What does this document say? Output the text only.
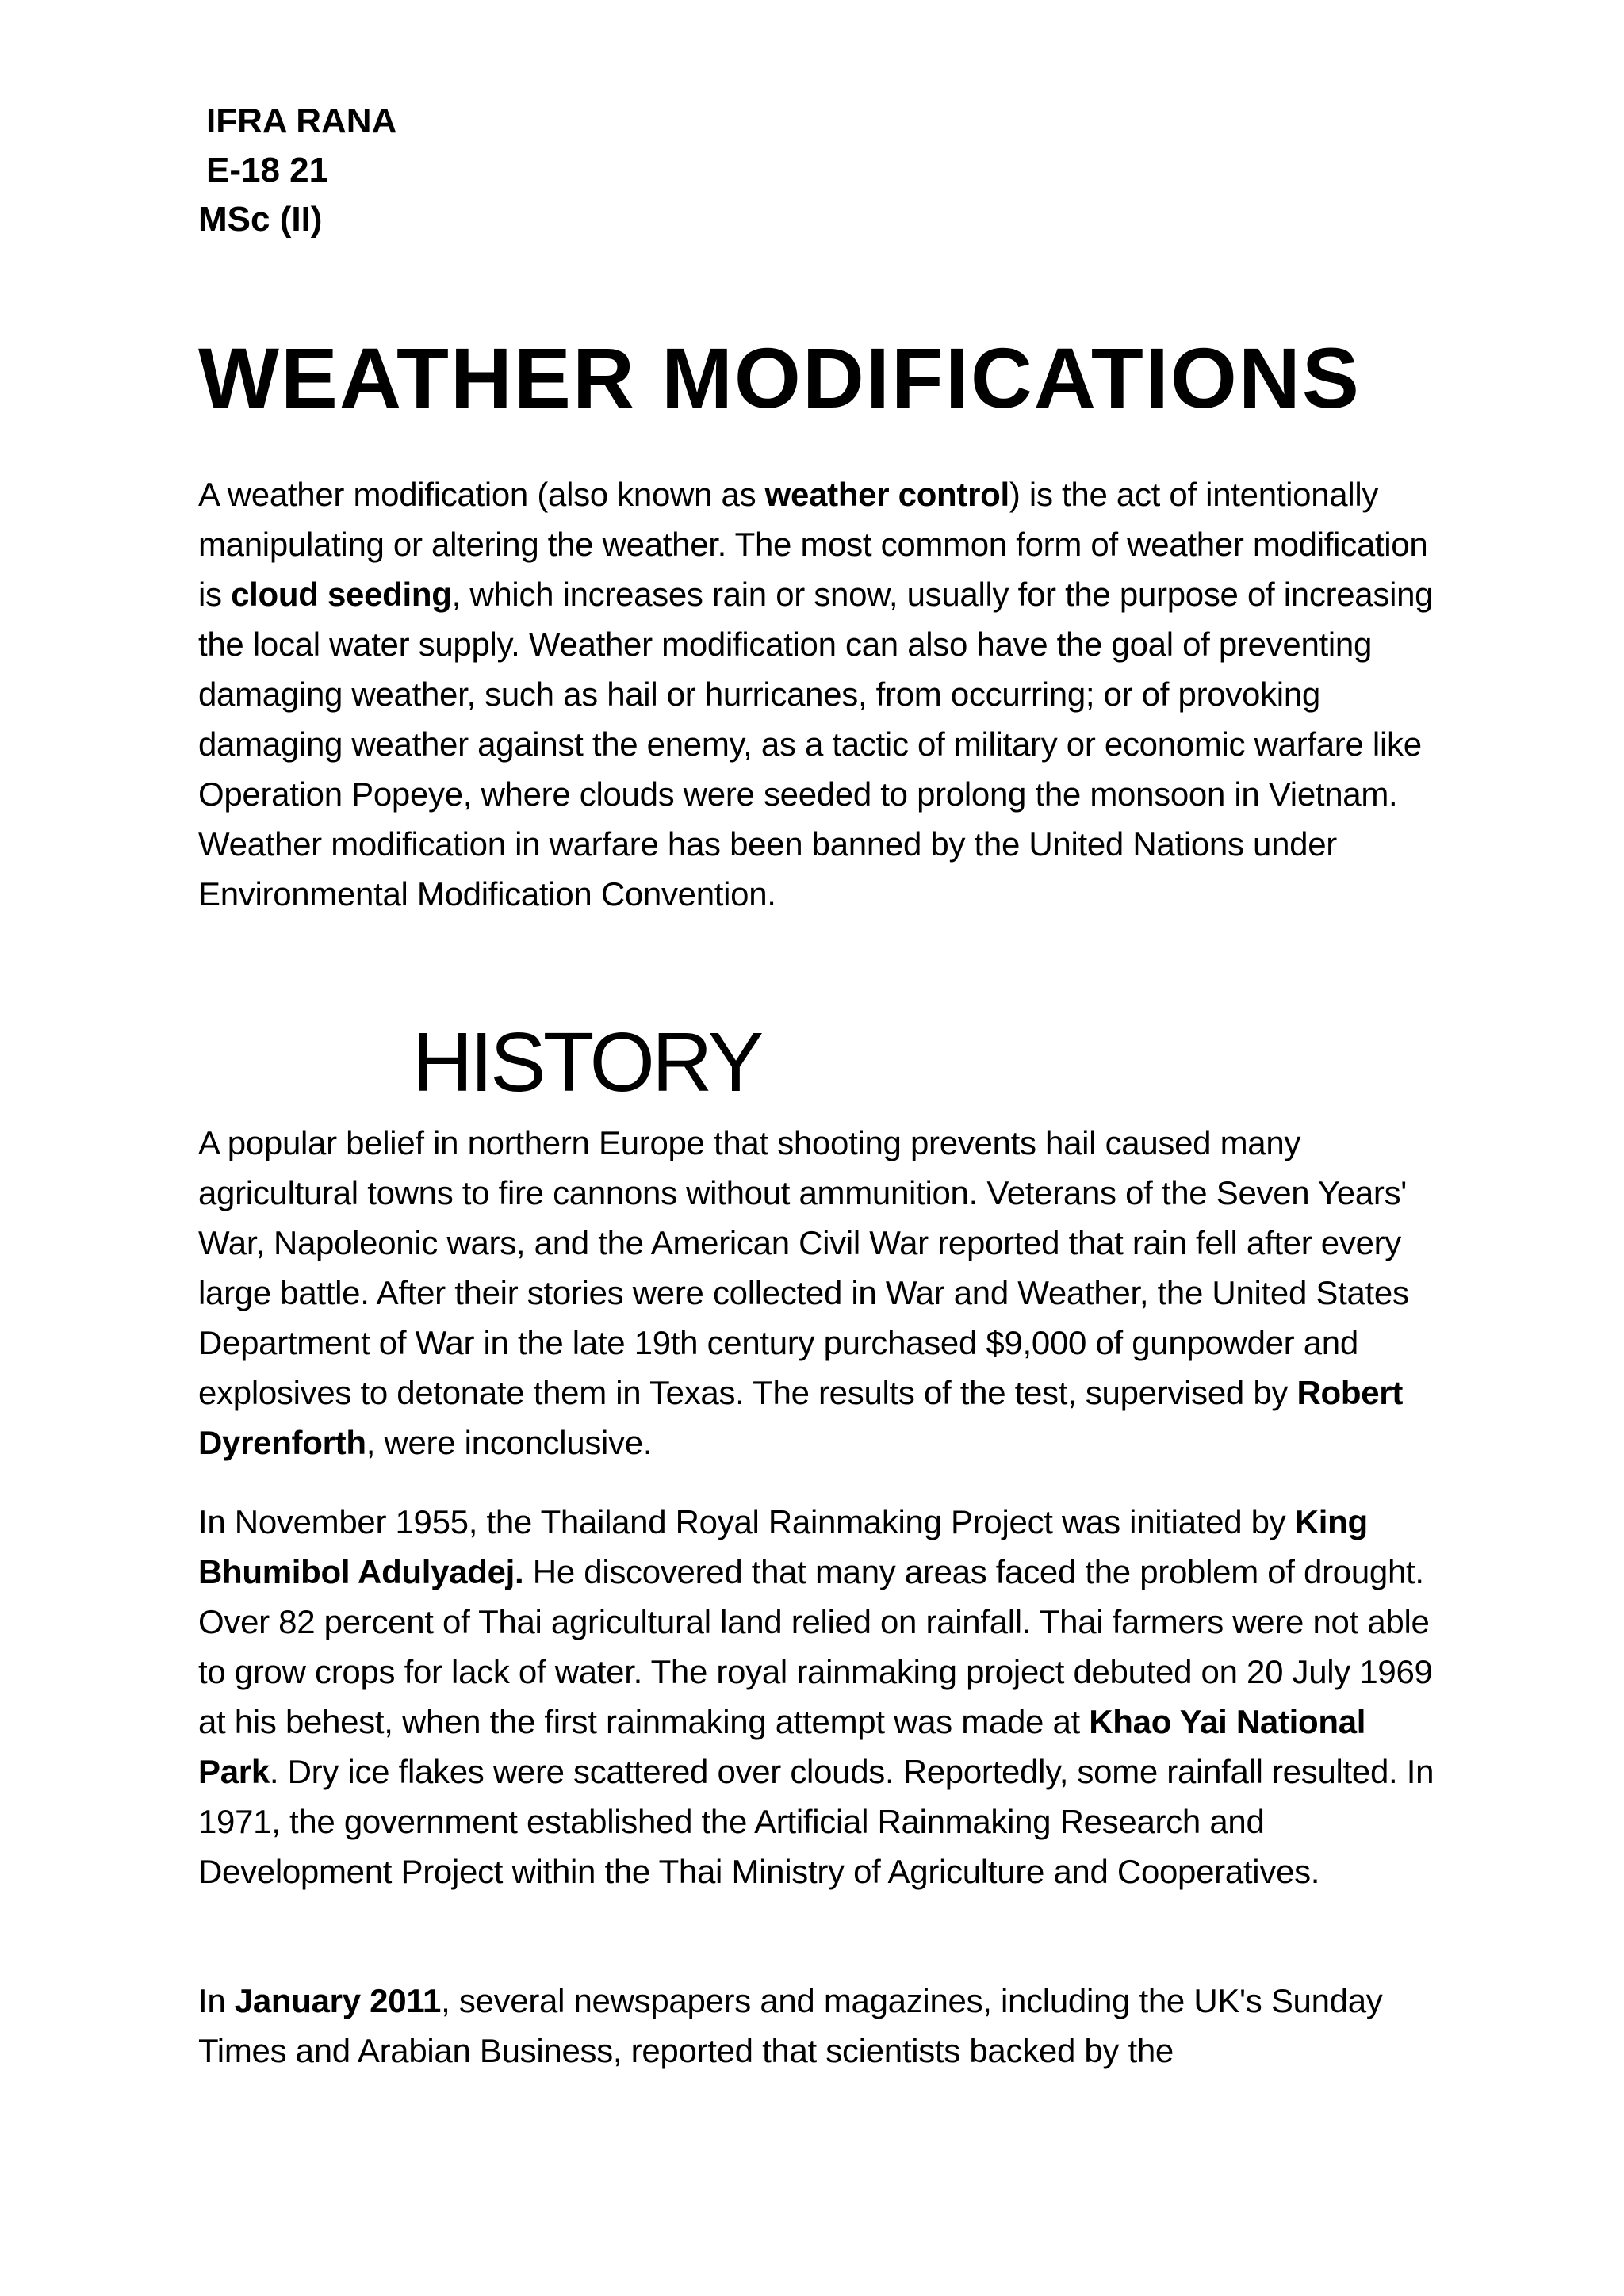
IFRA RANA
E-18 21
MSc (II)
WEATHER MODIFICATIONS

A weather modification (also known as weather control) is the act of intentionally manipulating or altering the weather. The most common form of weather modification is cloud seeding, which increases rain or snow, usually for the purpose of increasing the local water supply. Weather modification can also have the goal of preventing damaging weather, such as hail or hurricanes, from occurring; or of provoking damaging weather against the enemy, as a tactic of military or economic warfare like Operation Popeye, where clouds were seeded to prolong the monsoon in Vietnam. Weather modification in warfare has been banned by the United Nations under Environmental Modification Convention.

HISTORY

A popular belief in northern Europe that shooting prevents hail caused many agricultural towns to fire cannons without ammunition. Veterans of the Seven Years' War, Napoleonic wars, and the American Civil War reported that rain fell after every large battle. After their stories were collected in War and Weather, the United States Department of War in the late 19th century purchased $9,000 of gunpowder and explosives to detonate them in Texas. The results of the test, supervised by Robert Dyrenforth, were inconclusive.

In November 1955, the Thailand Royal Rainmaking Project was initiated by King Bhumibol Adulyadej. He discovered that many areas faced the problem of drought. Over 82 percent of Thai agricultural land relied on rainfall. Thai farmers were not able to grow crops for lack of water. The royal rainmaking project debuted on 20 July 1969 at his behest, when the first rainmaking attempt was made at Khao Yai National Park. Dry ice flakes were scattered over clouds. Reportedly, some rainfall resulted. In 1971, the government established the Artificial Rainmaking Research and Development Project within the Thai Ministry of Agriculture and Cooperatives.

In January 2011, several newspapers and magazines, including the UK's Sunday Times and Arabian Business, reported that scientists backed by the
